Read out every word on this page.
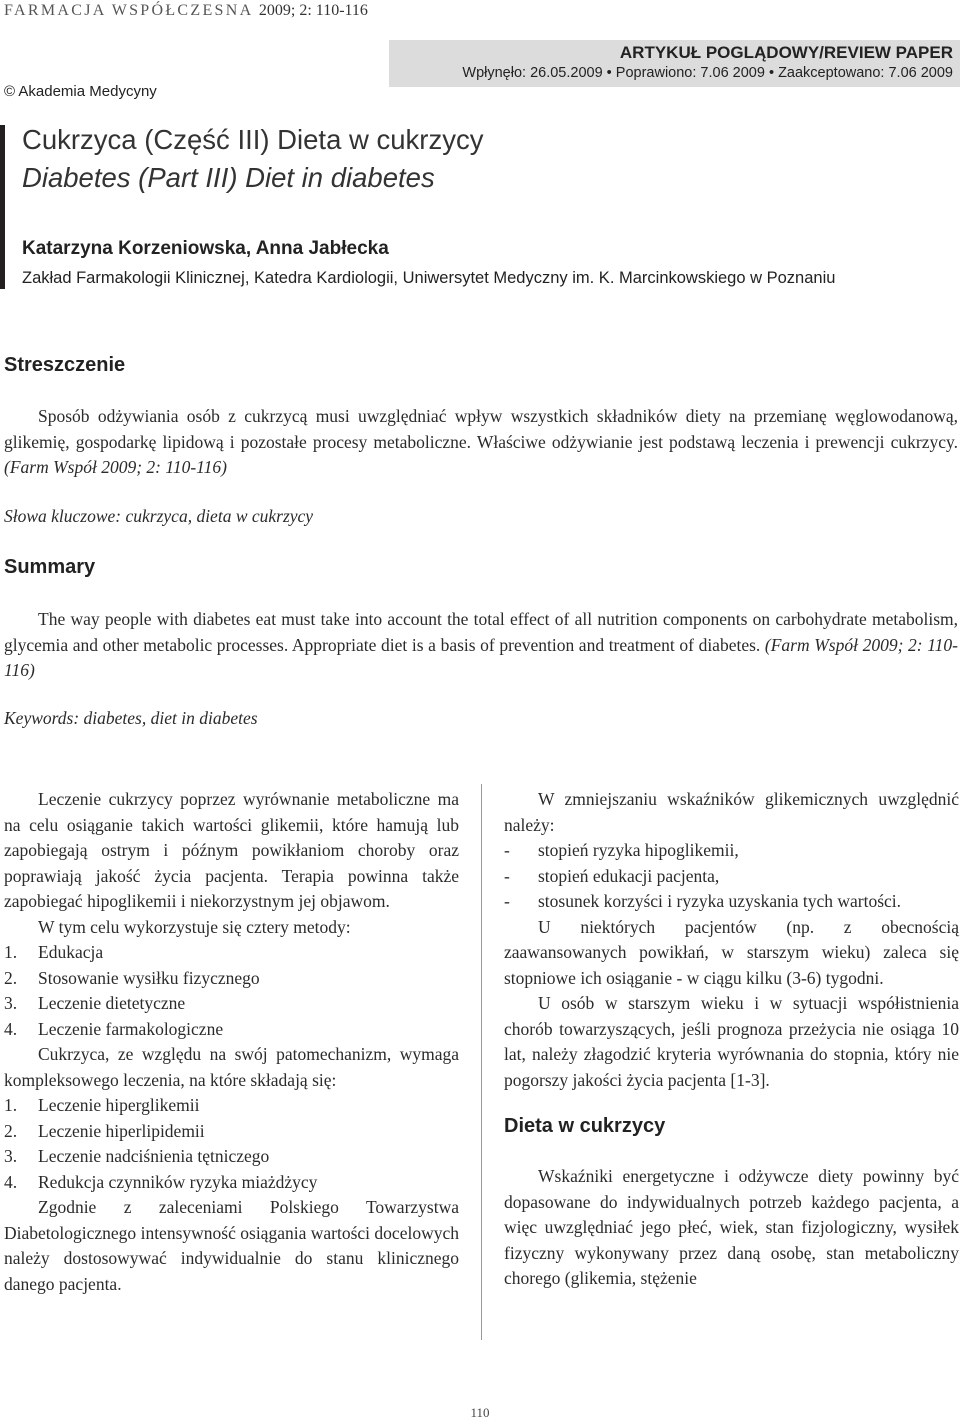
FARMACJA WSPÓŁCZESNA 2009; 2: 110-116
© Akademia Medycyny
ARTYKUŁ POGLĄDOWY/REVIEW PAPER
Wpłynęło: 26.05.2009 • Poprawiono: 7.06 2009 • Zaakceptowano: 7.06 2009
Cukrzyca (Część III) Dieta w cukrzycy
Diabetes (Part III) Diet in diabetes
Katarzyna Korzeniowska, Anna Jabłecka
Zakład Farmakologii Klinicznej, Katedra Kardiologii, Uniwersytet Medyczny im. K. Marcinkowskiego w Poznaniu
Streszczenie
Sposób odżywiania osób z cukrzycą musi uwzględniać wpływ wszystkich składników diety na przemianę węglowodanową, glikemię, gospodarkę lipidową i pozostałe procesy metaboliczne. Właściwe odżywianie jest podstawą leczenia i prewencji cukrzycy. (Farm Współ 2009; 2: 110-116)
Słowa kluczowe: cukrzyca, dieta w cukrzycy
Summary
The way people with diabetes eat must take into account the total effect of all nutrition components on carbohydrate metabolism, glycemia and other metabolic processes. Appropriate diet is a basis of prevention and treatment of diabetes. (Farm Współ 2009; 2: 110-116)
Keywords: diabetes, diet in diabetes

Leczenie cukrzycy poprzez wyrównanie metaboliczne ma na celu osiąganie takich wartości glikemii, które hamują lub zapobiegają ostrym i późnym powikłaniom choroby oraz poprawiają jakość życia pacjenta. Terapia powinna także zapobiegać hipoglikemii i niekorzystnym jej objawom.

W tym celu wykorzystuje się cztery metody:

1.	Edukacja
2.	Stosowanie wysiłku fizycznego
3.	Leczenie dietetyczne
4.	Leczenie farmakologiczne

Cukrzyca, ze względu na swój patomechanizm, wymaga kompleksowego leczenia, na które składają się:

1.	Leczenie hiperglikemii
2.	Leczenie hiperlipidemii
3.	Leczenie nadciśnienia tętniczego
4.	Redukcja czynników ryzyka miażdżycy

Zgodnie z zaleceniami Polskiego Towarzystwa Diabetologicznego intensywność osiągania wartości docelowych należy dostosowywać indywidualnie do stanu klinicznego danego pacjenta.

W zmniejszaniu wskaźników glikemicznych uwzględnić należy:

-	stopień ryzyka hipoglikemii,
-	stopień edukacji pacjenta,
-	stosunek korzyści i ryzyka uzyskania tych wartości.

U niektórych pacjentów (np. z obecnością zaawansowanych powikłań, w starszym wieku) zaleca się stopniowe ich osiąganie - w ciągu kilku (3-6) tygodni.

U osób w starszym wieku i w sytuacji współistnienia chorób towarzyszących, jeśli prognoza przeżycia nie osiąga 10 lat, należy złagodzić kryteria wyrównania do stopnia, który nie pogorszy jakości życia pacjenta [1-3].

Dieta w cukrzycy

Wskaźniki energetyczne i odżywcze diety powinny być dopasowane do indywidualnych potrzeb każdego pacjenta, a więc uwzględniać jego płeć, wiek, stan fizjologiczny, wysiłek fizyczny wykonywany przez daną osobę, stan metaboliczny chorego (glikemia, stężenie

110
